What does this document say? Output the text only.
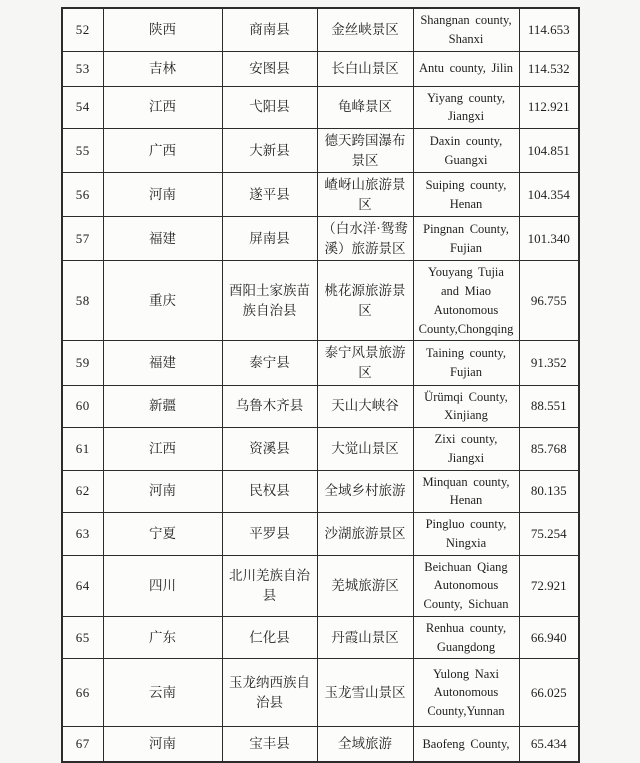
52	陕西	商南县	金丝峡景区	Shangnan county, Shanxi	114.653
53	吉林	安图县	长白山景区	Antu county, Jilin	114.532
54	江西	弋阳县	龟峰景区	Yiyang county, Jiangxi	112.921
55	广西	大新县	德天跨国瀑布景区	Daxin county, Guangxi	104.851
56	河南	遂平县	嵖岈山旅游景区	Suiping county, Henan	104.354
57	福建	屏南县	（白水洋·鸳鸯溪）旅游景区	Pingnan County, Fujian	101.340
58	重庆	酉阳土家族苗族自治县	桃花源旅游景区	Youyang Tujia and Miao Autonomous County,Chongqing	96.755
59	福建	泰宁县	泰宁风景旅游区	Taining county, Fujian	91.352
60	新疆	乌鲁木齐县	天山大峡谷	Ürümqi County, Xinjiang	88.551
61	江西	资溪县	大觉山景区	Zixi county, Jiangxi	85.768
62	河南	民权县	全域乡村旅游	Minquan county, Henan	80.135
63	宁夏	平罗县	沙湖旅游景区	Pingluo county, Ningxia	75.254
64	四川	北川羌族自治县	羌城旅游区	Beichuan Qiang Autonomous County, Sichuan	72.921
65	广东	仁化县	丹霞山景区	Renhua county, Guangdong	66.940
66	云南	玉龙纳西族自治县	玉龙雪山景区	Yulong Naxi Autonomous County,Yunnan	66.025
67	河南	宝丰县	全域旅游	Baofeng County,	65.434
